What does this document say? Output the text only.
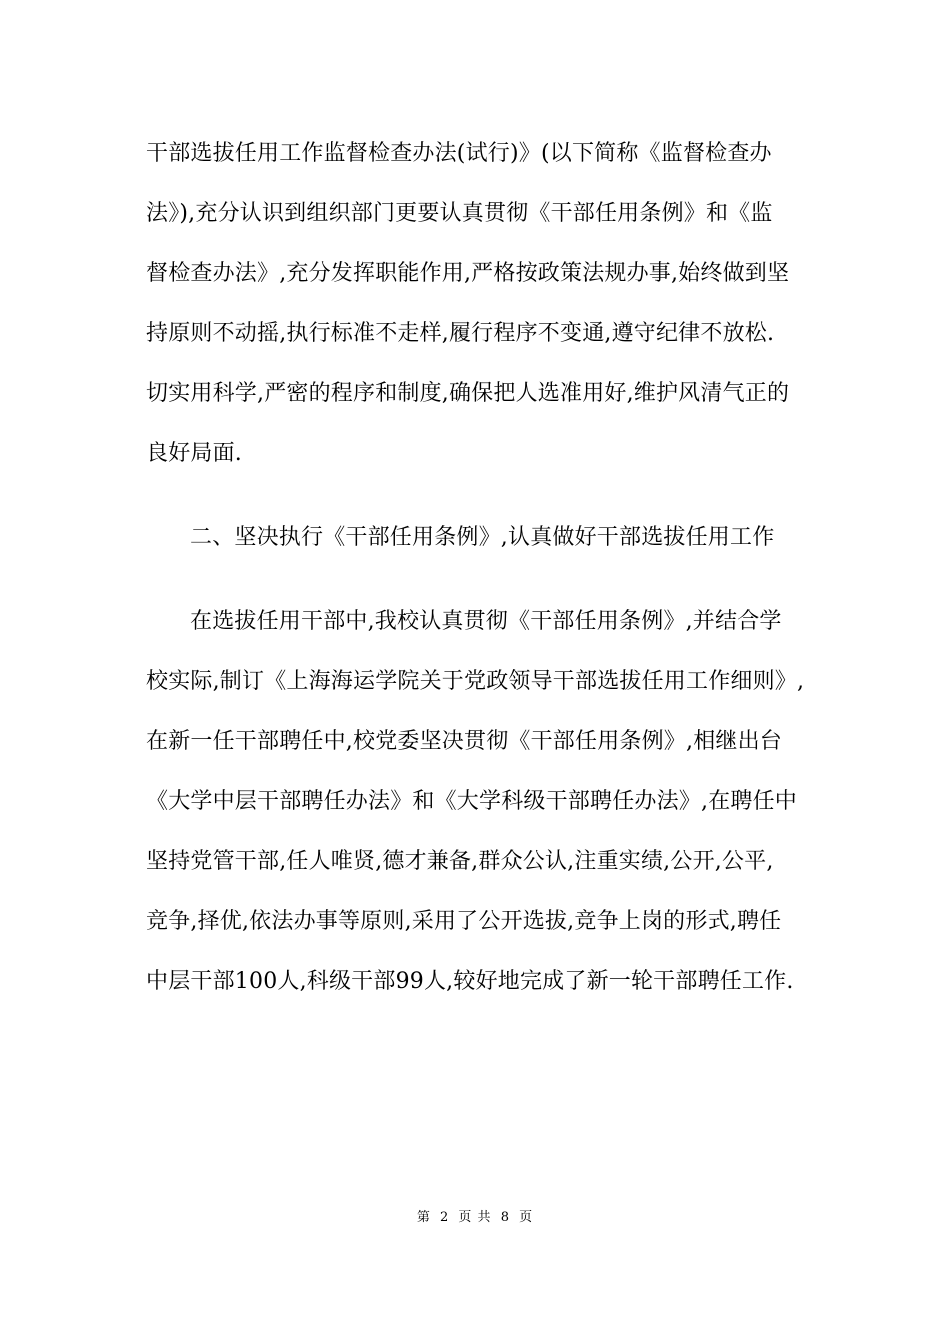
干部选拔任用工作监督检查办法(试行)》(以下简称《监督检查办
法》),充分认识到组织部门更要认真贯彻《干部任用条例》和《监
督检查办法》,充分发挥职能作用,严格按政策法规办事,始终做到坚
持原则不动摇,执行标准不走样,履行程序不变通,遵守纪律不放松.
切实用科学,严密的程序和制度,确保把人选准用好,维护风清气正的
良好局面.
二、坚决执行《干部任用条例》,认真做好干部选拔任用工作
在选拔任用干部中,我校认真贯彻《干部任用条例》,并结合学
校实际,制订《上海海运学院关于党政领导干部选拔任用工作细则》,
在新一任干部聘任中,校党委坚决贯彻《干部任用条例》,相继出台
《大学中层干部聘任办法》和《大学科级干部聘任办法》,在聘任中
坚持党管干部,任人唯贤,德才兼备,群众公认,注重实绩,公开,公平,
竞争,择优,依法办事等原则,采用了公开选拔,竞争上岗的形式,聘任
中层干部100人,科级干部99人,较好地完成了新一轮干部聘任工作.
第 2 页 共 8 页
